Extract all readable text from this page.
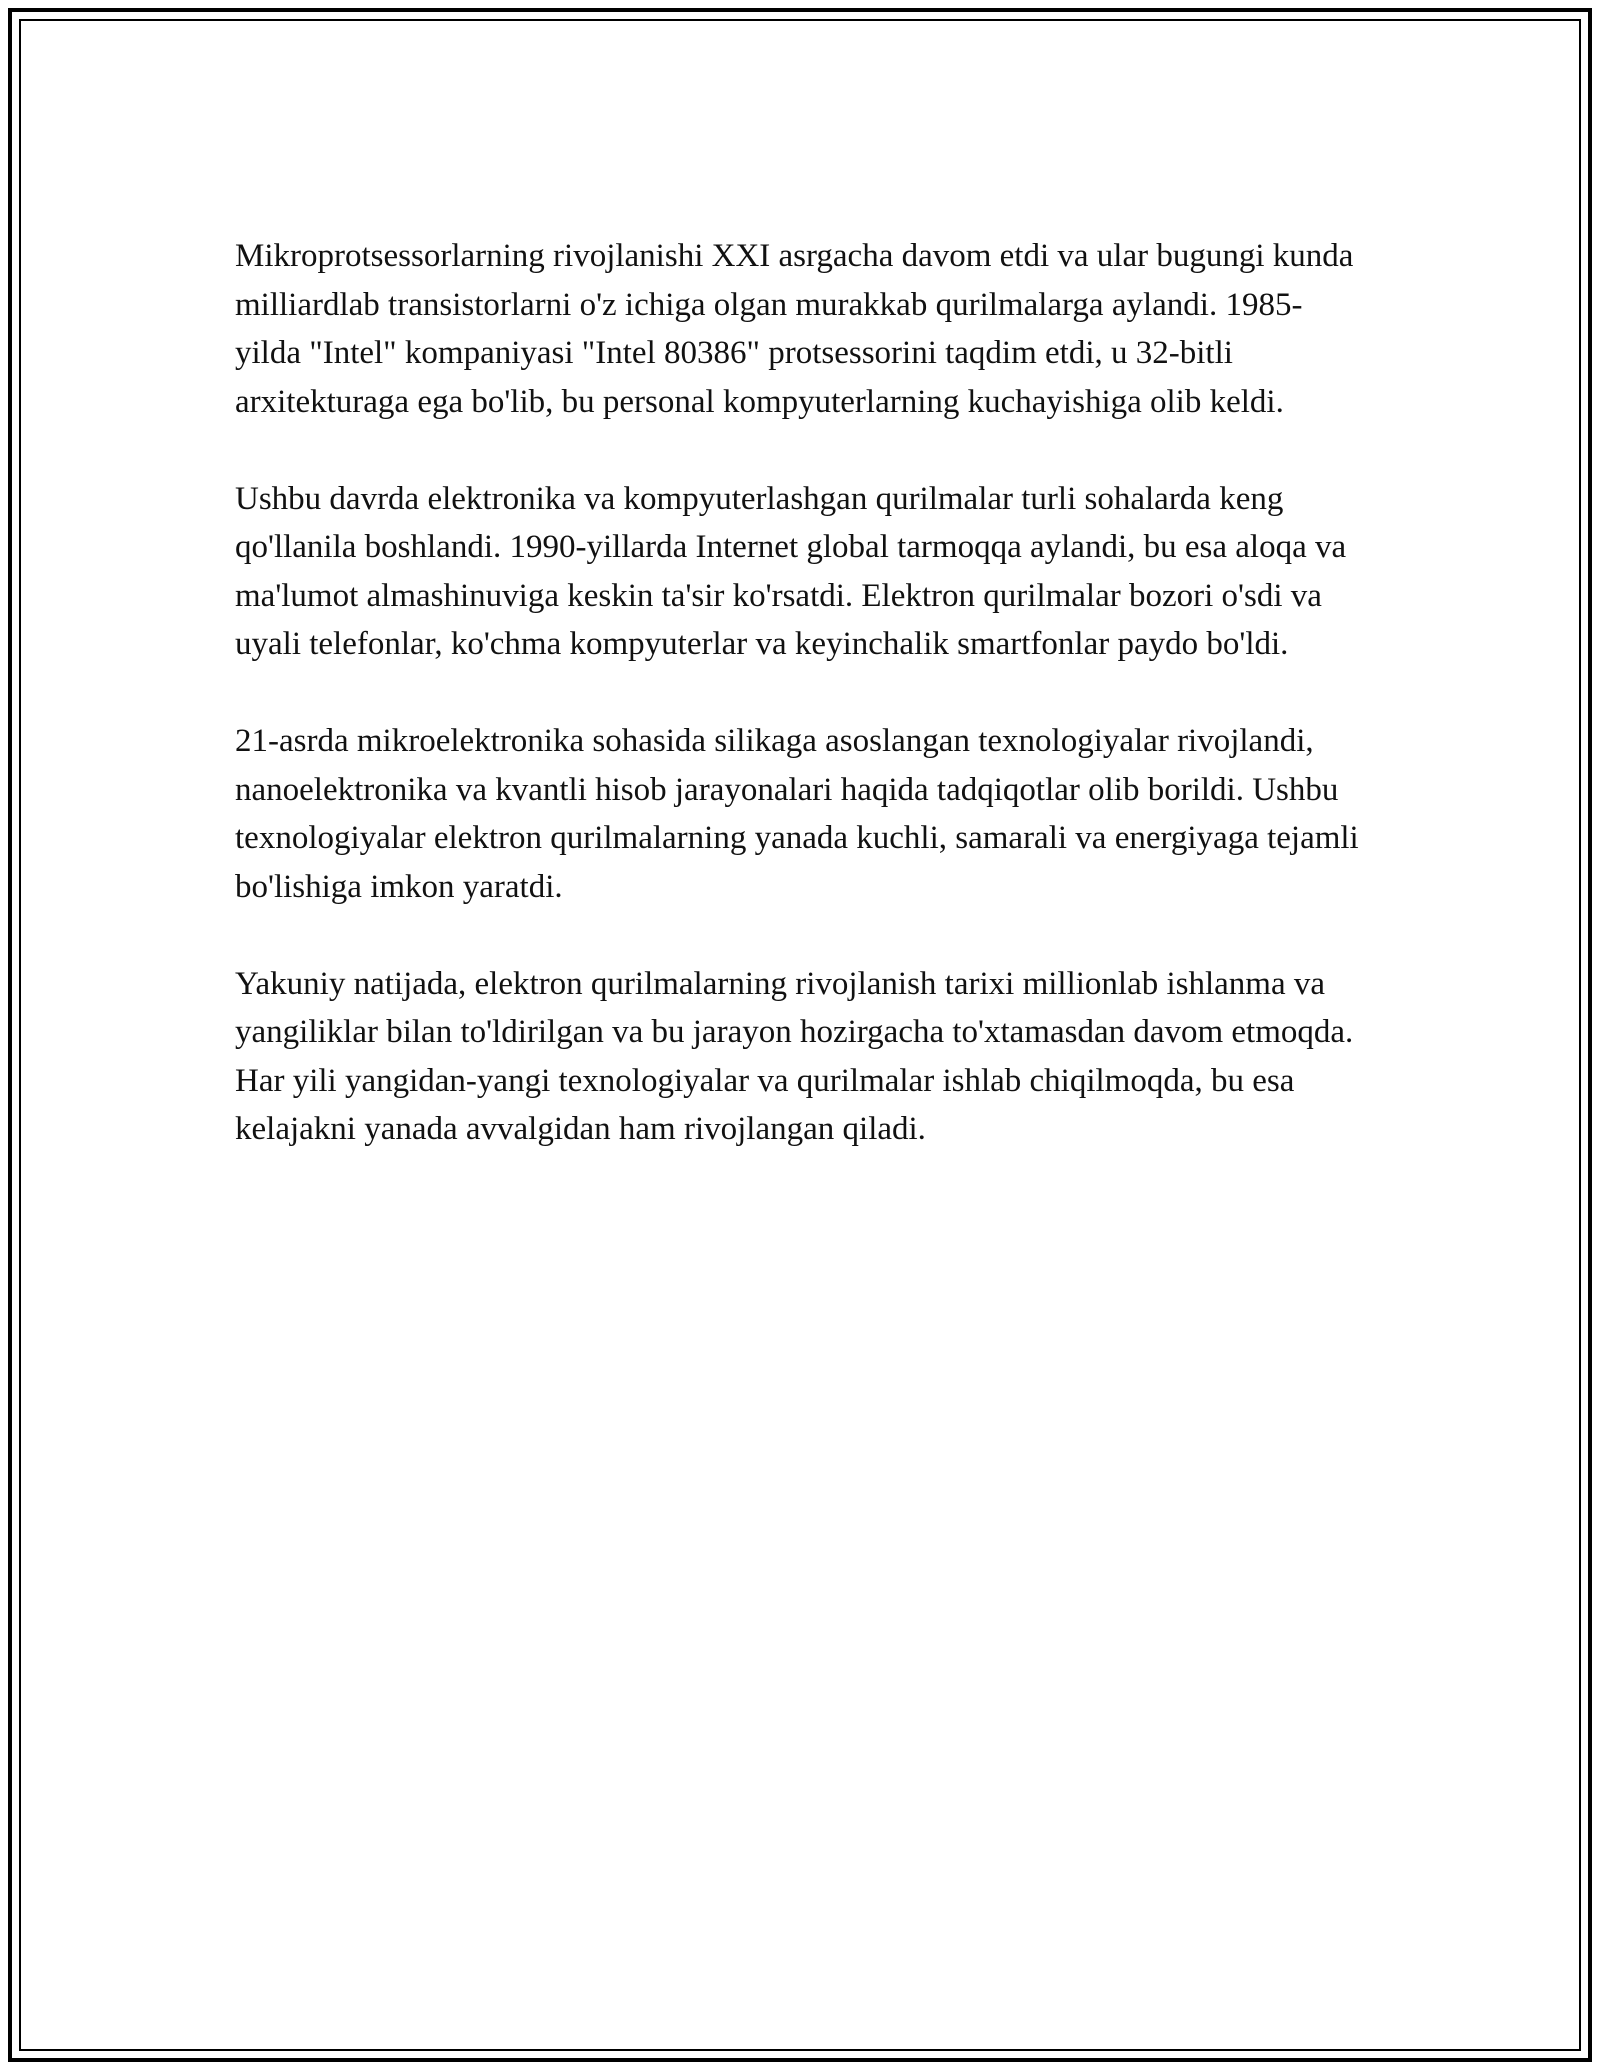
Mikroprotsessorlarning rivojlanishi XXI asrgacha davom etdi va ular bugungi kunda milliardlab transistorlarni o'z ichiga olgan murakkab qurilmalarga aylandi. 1985-yilda "Intel" kompaniyasi "Intel 80386" protsessorini taqdim etdi, u 32-bitli arxitekturaga ega bo'lib, bu personal kompyuterlarning kuchayishiga olib keldi.

Ushbu davrda elektronika va kompyuterlashgan qurilmalar turli sohalarda keng qo'llanila boshlandi. 1990-yillarda Internet global tarmoqqa aylandi, bu esa aloqa va ma'lumot almashinuviga keskin ta'sir ko'rsatdi. Elektron qurilmalar bozori o'sdi va uyali telefonlar, ko'chma kompyuterlar va keyinchalik smartfonlar paydo bo'ldi.

21-asrda mikroelektronika sohasida silikaga asoslangan texnologiyalar rivojlandi, nanoelektronika va kvantli hisob jarayonalari haqida tadqiqotlar olib borildi. Ushbu texnologiyalar elektron qurilmalarning yanada kuchli, samarali va energiyaga tejamli bo'lishiga imkon yaratdi.

Yakuniy natijada, elektron qurilmalarning rivojlanish tarixi millionlab ishlanma va yangiliklar bilan to'ldirilgan va bu jarayon hozirgacha to'xtamasdan davom etmoqda. Har yili yangidan-yangi texnologiyalar va qurilmalar ishlab chiqilmoqda, bu esa kelajakni yanada avvalgidan ham rivojlangan qiladi.
